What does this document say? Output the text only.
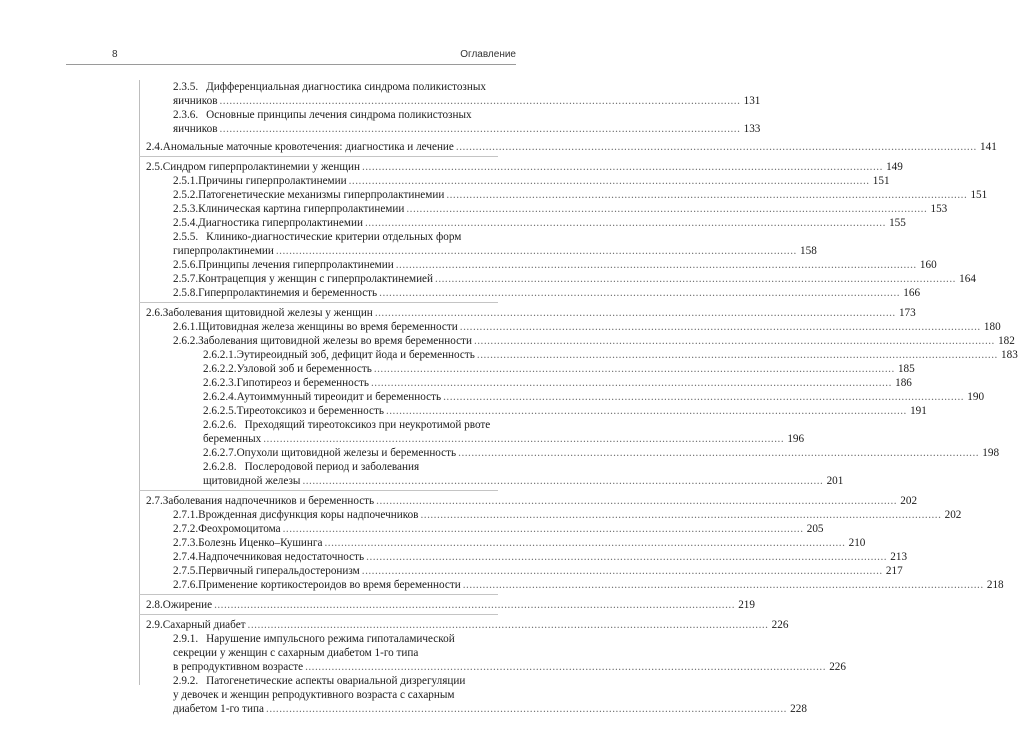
8	Оглавление
2.3.5. Дифференциальная диагностика синдрома поликистозных
яичников .....	131
2.3.6. Основные принципы лечения синдрома поликистозных
яичников .....	133
2.4. Аномальные маточные кровотечения: диагностика и лечение .....	141
2.5. Синдром гиперпролактинемии у женщин .....	149
2.5.1. Причины гиперпролактинемии .....	151
2.5.2. Патогенетические механизмы гиперпролактинемии .....	151
2.5.3. Клиническая картина гиперпролактинемии .....	153
2.5.4. Диагностика гиперпролактинемии .....	155
2.5.5. Клинико-диагностические критерии отдельных форм
гиперпролактинемии .....	158
2.5.6. Принципы лечения гиперпролактинемии .....	160
2.5.7. Контрацепция у женщин с гиперпролактинемией .....	164
2.5.8. Гиперпролактинемия и беременность .....	166
2.6. Заболевания щитовидной железы у женщин .....	173
2.6.1. Щитовидная железа женщины во время беременности .....	180
2.6.2. Заболевания щитовидной железы во время беременности .....	182
2.6.2.1. Эутиреоидный зоб, дефицит йода и беременность .....	183
2.6.2.2. Узловой зоб и беременность .....	185
2.6.2.3. Гипотиреоз и беременность .....	186
2.6.2.4. Аутоиммунный тиреоидит и беременность .....	190
2.6.2.5. Тиреотоксикоз и беременность .....	191
2.6.2.6. Преходящий тиреотоксикоз при неукротимой рвоте
беременных .....	196
2.6.2.7. Опухоли щитовидной железы и беременность .....	198
2.6.2.8. Послеродовой период и заболевания
щитовидной железы .....	201
2.7. Заболевания надпочечников и беременность .....	202
2.7.1. Врожденная дисфункция коры надпочечников .....	202
2.7.2. Феохромоцитома .....	205
2.7.3. Болезнь Иценко–Кушинга .....	210
2.7.4. Надпочечниковая недостаточность .....	213
2.7.5. Первичный гиперальдостеронизм .....	217
2.7.6. Применение кортикостероидов во время беременности .....	218
2.8. Ожирение .....	219
2.9. Сахарный диабет .....	226
2.9.1. Нарушение импульсного режима гипоталамической
секреции у женщин с сахарным диабетом 1-го типа
в репродуктивном возрасте .....	226
2.9.2. Патогенетические аспекты овариальной дизрегуляции
у девочек и женщин репродуктивного возраста с сахарным
диабетом 1-го типа .....	228
